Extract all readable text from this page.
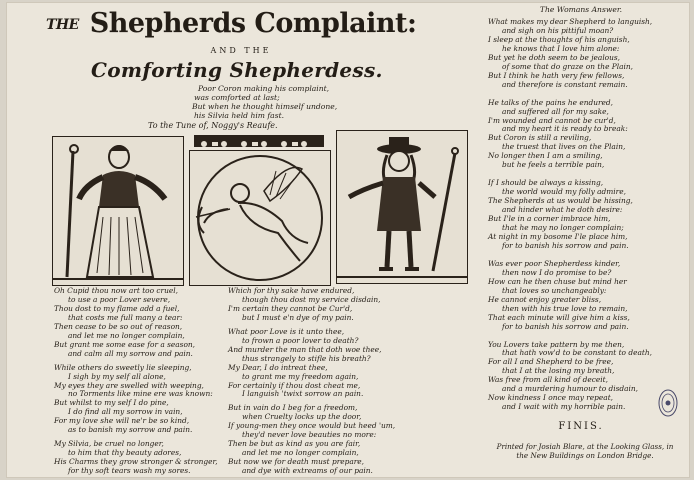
THE Shepherds Complaint:
AND THE
Comforting Shepherdess.
Poor Coron making his complaint,
was comforted at last;
But when he thought himself undone,
his Silvia held him fast.
To the Tune of, Noggy's Reaufe.
Oh Cupid thou now art too cruel,
to use a poor Lover severe,
Thou dost to my flame add a fuel,
that costs me full many a tear:
Then cease to be so out of reason,
and let me no longer complain,
But grant me some ease for a season,
and calm all my sorrow and pain.
While others do sweetly lie sleeping,
I sigh by my self all alone,
My eyes they are swelled with weeping,
no Torments like mine ere was known:
But whilst to my self I do pine,
I do find all my sorrow in vain,
For my love she will ne'r be so kind,
as to banish my sorrow and pain.
My Silvia, be cruel no longer,
to him that thy beauty adores,
His Charms they grow stronger & stronger,
for thy soft tears wash my sores.
Which for thy sake have endured,
though thou dost my service disdain,
I'm certain they cannot be Cur'd,
but I must e'n dye of my pain.
What poor Love is it unto thee,
to frown a poor lover to death?
And murder the man that doth woe thee,
thus strangely to stifle his breath?
My Dear, I do intreat thee,
to grant me my freedom again,
For certainly if thou dost cheat me,
I languish 'twixt sorrow an pain.
But in vain do I beg for a freedom,
when Cruelty locks up the door,
If young-men they once would but heed 'um,
they'd never love beauties no more:
Then be but as kind as you are fair,
and let me no longer complain,
But now we for death must prepare,
and dye with extreams of our pain.
The Womans Answer.
What makes my dear Shepherd to languish,
and sigh on his pittiful moan?
I sleep at the thoughts of his anguish,
he knows that I love him alone:
But yet he doth seem to be jealous,
of some that do graze on the Plain,
But I think he hath very few fellows,
and therefore is constant remain.
He talks of the pains he endured,
and suffered all for my sake,
I'm wounded and cannot be cur'd,
and my heart it is ready to break:
But Coron is still a reviling,
the truest that lives on the Plain,
No longer then I am a smiling,
but he feels a terrible pain,
If I should be always a kissing,
the world would my folly admire,
The Shepherds at us would be hissing,
and hinder what he doth desire:
But I'le in a corner imbrace him,
that he may no longer complain;
At night in my bosome I'le place him,
for to banish his sorrow and pain.
Was ever poor Shepherdess kinder,
then now I do promise to be?
How can he then chuse but mind her
that loves so unchangeably:
He cannot enjoy greater bliss,
then with his true love to remain,
That each minute will give him a kiss,
for to banish his sorrow and pain.
You Lovers take pattern by me then,
that hath vow'd to be constant to death,
For all I and Shepherd to be free,
that I at the losing my breath,
Was free from all kind of deceit,
and a murdering humour to disdain,
Now kindness I once may repeat,
and I wait with my horrible pain.
FINIS.
Printed for Josiah Blare, at the Looking Glass, in
the New Buildings on London Bridge.
